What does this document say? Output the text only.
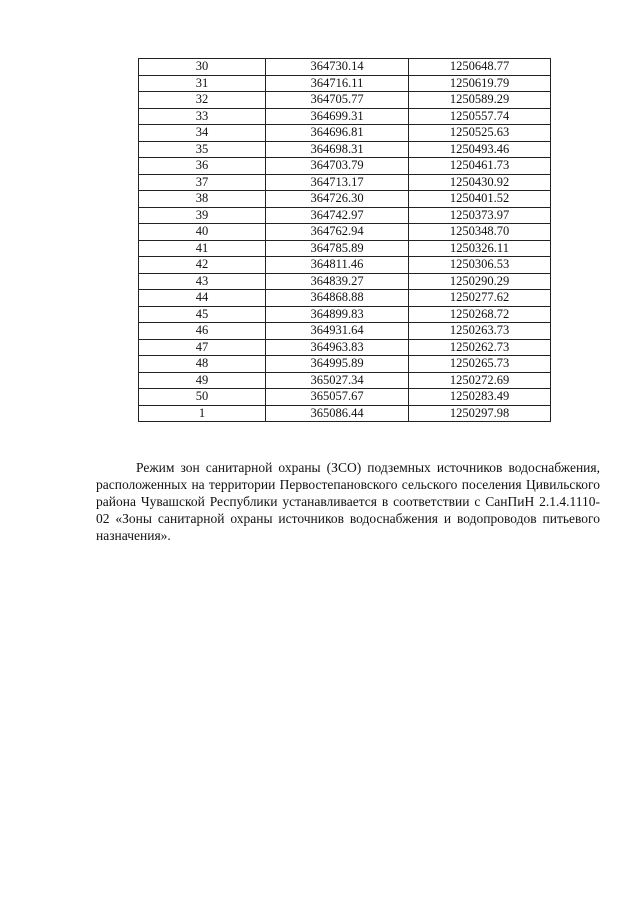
30	364730.14	1250648.77
31	364716.11	1250619.79
32	364705.77	1250589.29
33	364699.31	1250557.74
34	364696.81	1250525.63
35	364698.31	1250493.46
36	364703.79	1250461.73
37	364713.17	1250430.92
38	364726.30	1250401.52
39	364742.97	1250373.97
40	364762.94	1250348.70
41	364785.89	1250326.11
42	364811.46	1250306.53
43	364839.27	1250290.29
44	364868.88	1250277.62
45	364899.83	1250268.72
46	364931.64	1250263.73
47	364963.83	1250262.73
48	364995.89	1250265.73
49	365027.34	1250272.69
50	365057.67	1250283.49
1	365086.44	1250297.98

Режим зон санитарной охраны (ЗСО) подземных источников водоснабжения, расположенных на территории Первостепановского сельского поселения Цивильского района Чувашской Республики устанавливается в соответствии с СанПиН 2.1.4.1110-02 «Зоны санитарной охраны источников водоснабжения и водопроводов питьевого назначения».
